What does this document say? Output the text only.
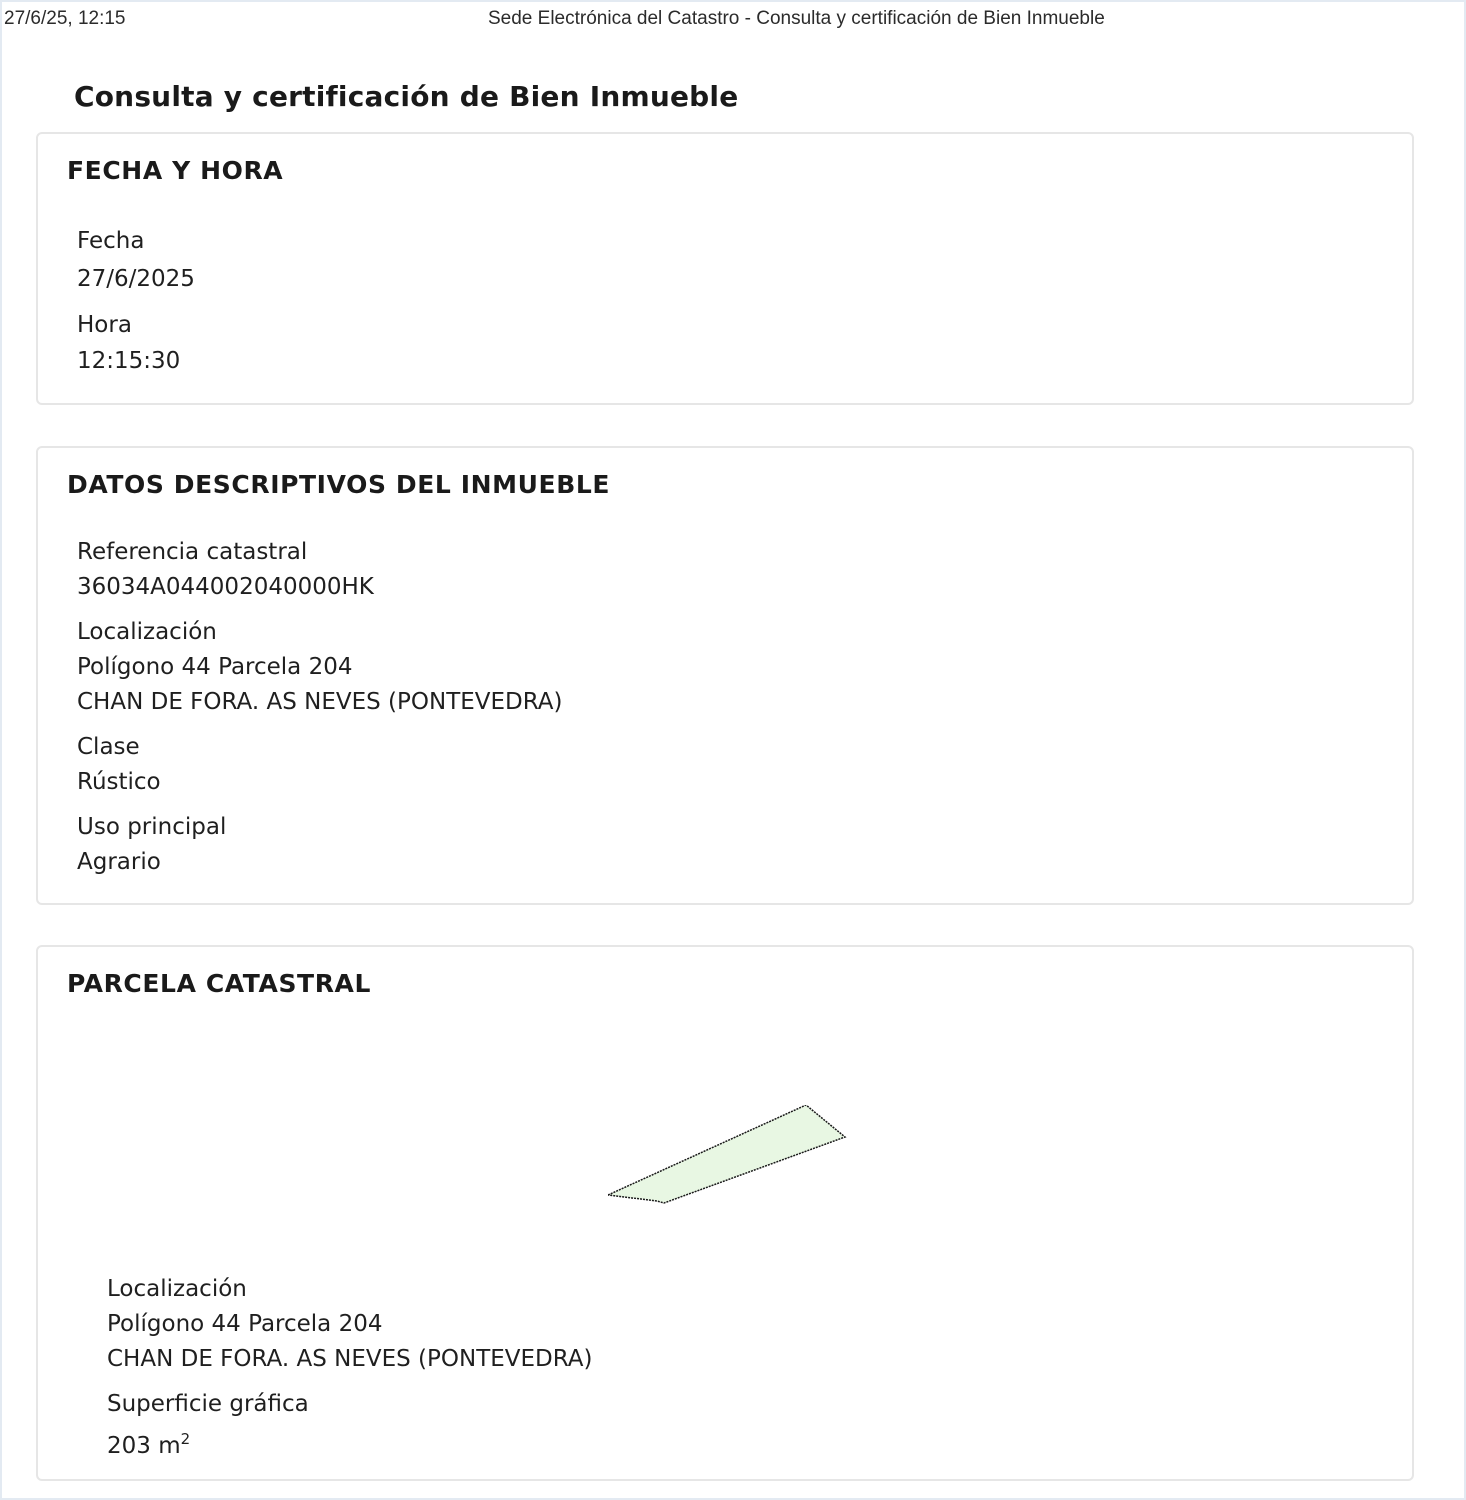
27/6/25, 12:15	Sede Electrónica del Catastro - Consulta y certificación de Bien Inmueble
Consulta y certificación de Bien Inmueble
FECHA Y HORA
Fecha
27/6/2025
Hora
12:15:30
DATOS DESCRIPTIVOS DEL INMUEBLE
Referencia catastral
36034A044002040000HK
Localización
Polígono 44 Parcela 204
CHAN DE FORA. AS NEVES (PONTEVEDRA)
Clase
Rústico
Uso principal
Agrario
PARCELA CATASTRAL
Localización
Polígono 44 Parcela 204
CHAN DE FORA. AS NEVES (PONTEVEDRA)
Superficie gráfica
203 $m^2$
